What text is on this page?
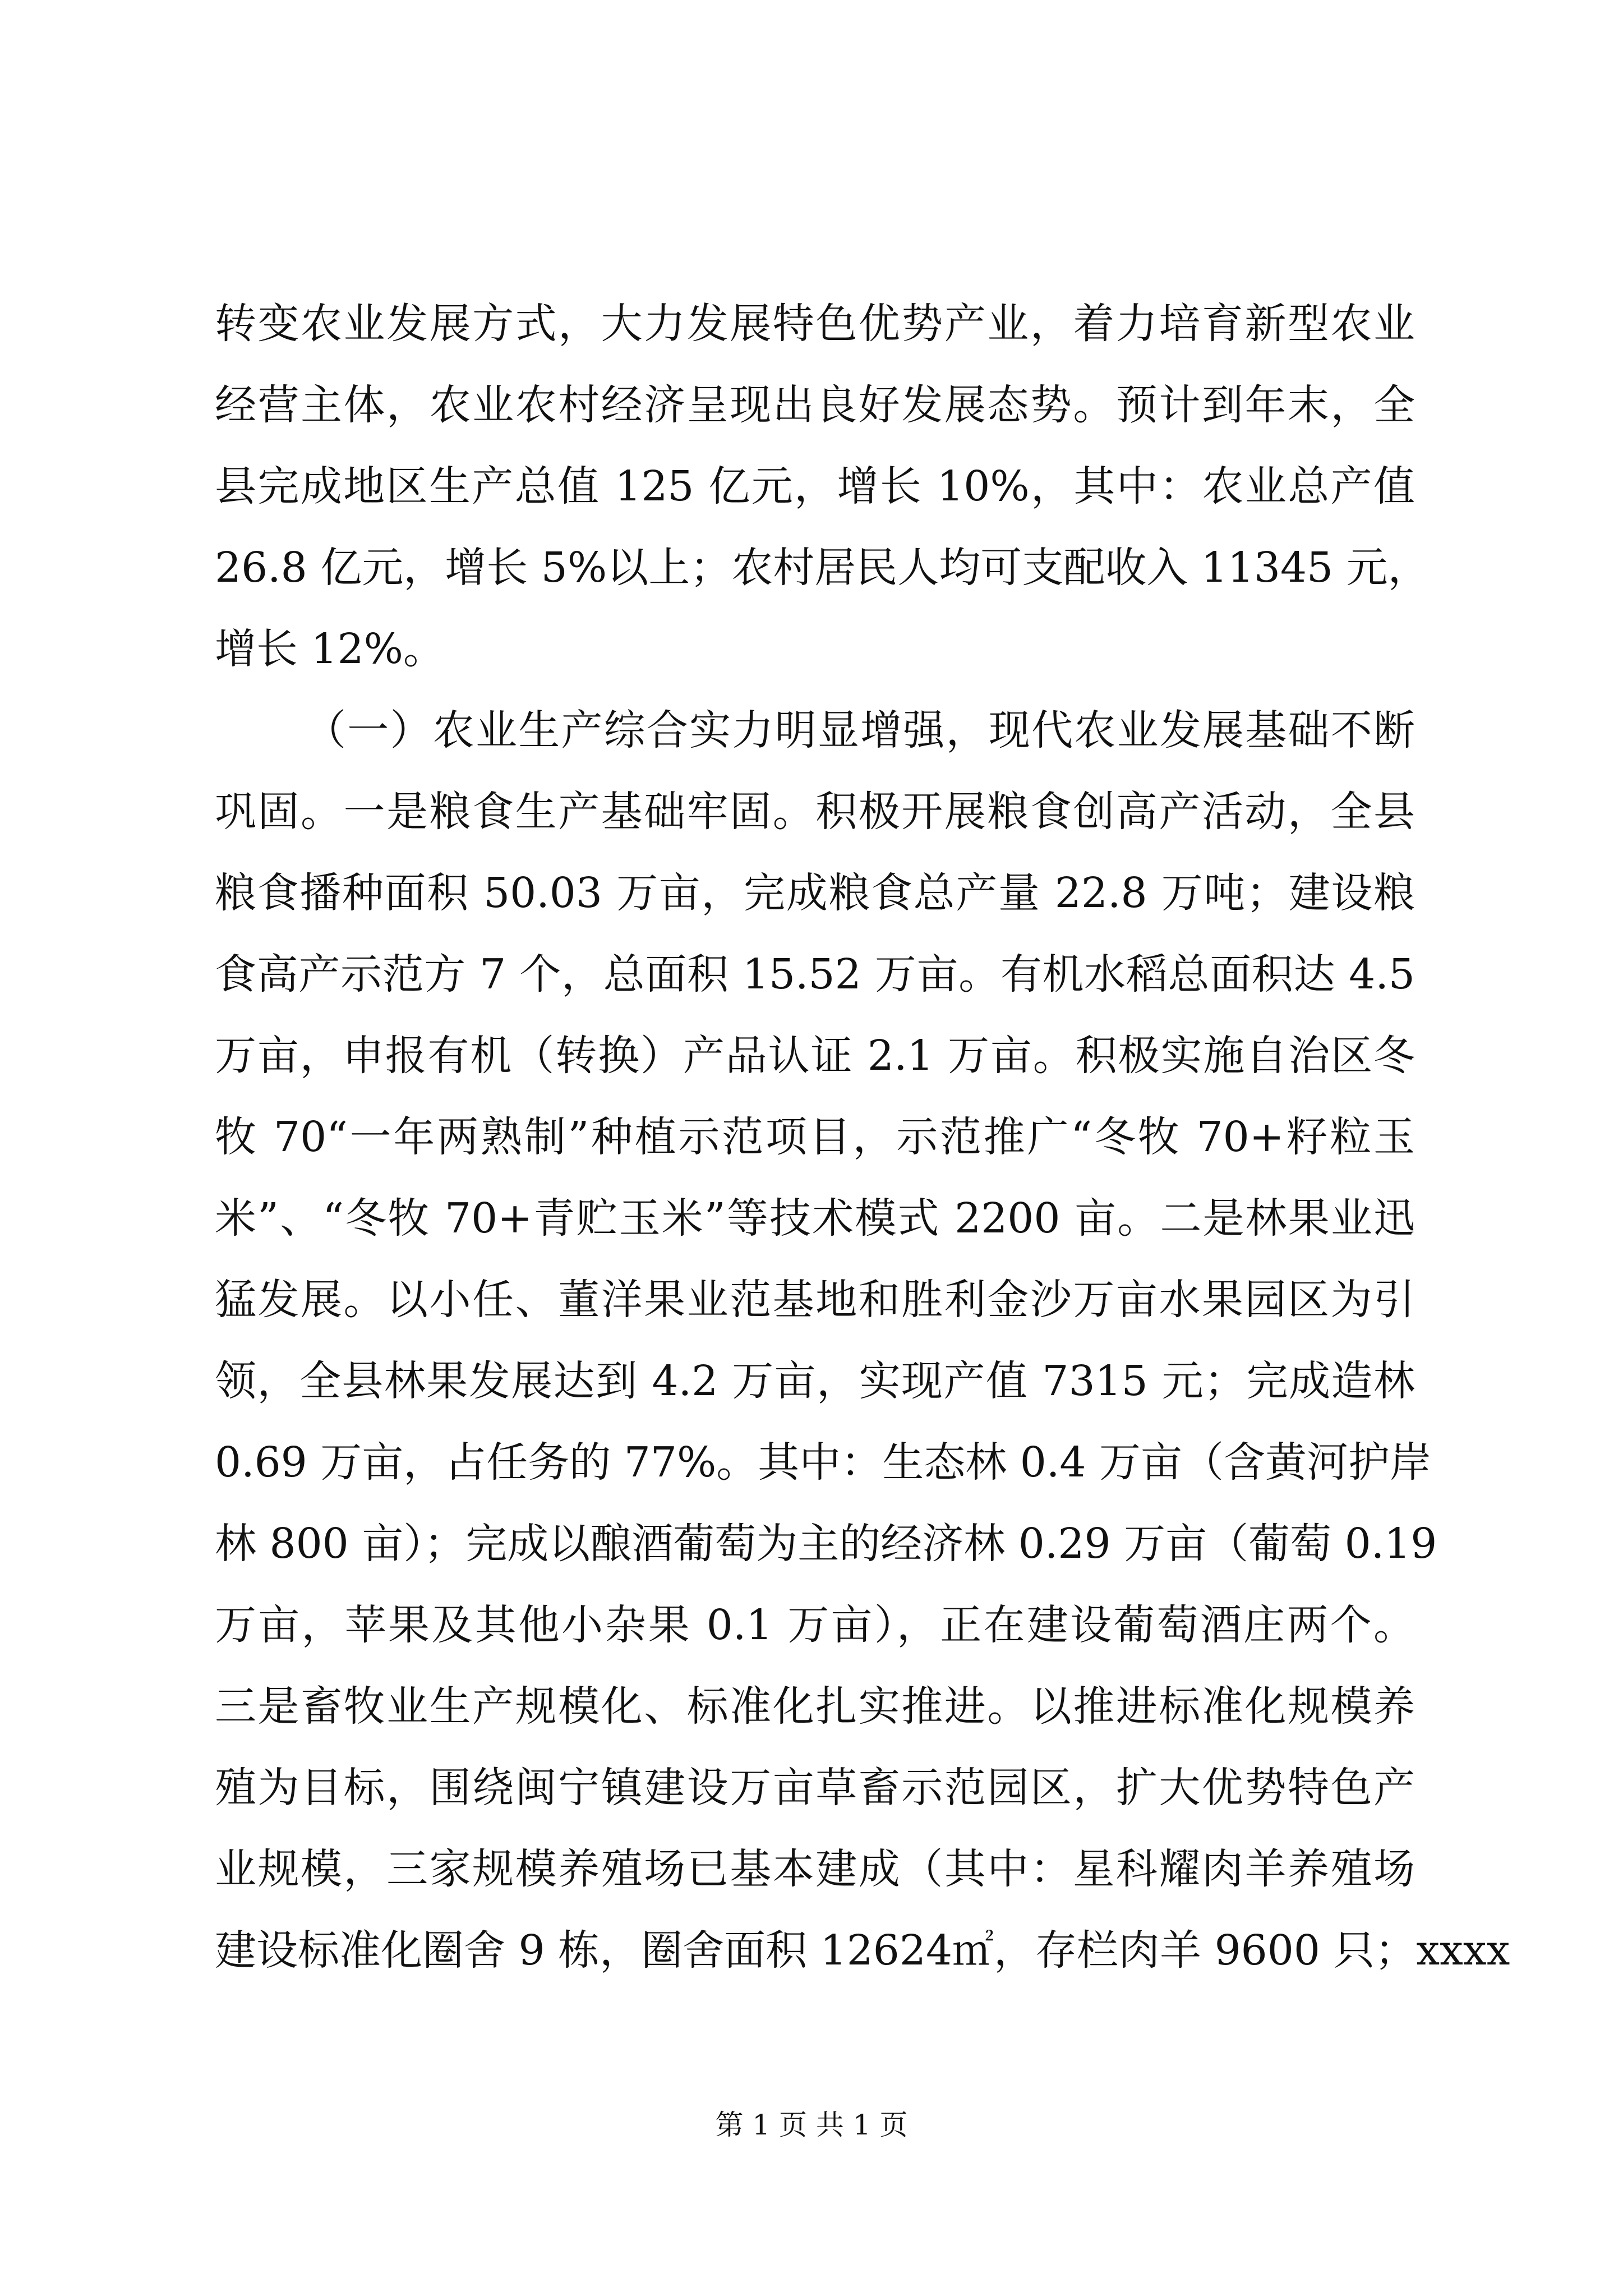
转变农业发展方式，大力发展特色优势产业，着力培育新型农业
经营主体，农业农村经济呈现出良好发展态势。预计到年末，全
县完成地区生产总值 125 亿元，增长 10%，其中：农业总产值
26.8 亿元，增长 5%以上；农村居民人均可支配收入 11345 元，
增长 12%。
（一）农业生产综合实力明显增强，现代农业发展基础不断
巩固。一是粮食生产基础牢固。积极开展粮食创高产活动，全县
粮食播种面积 50.03 万亩，完成粮食总产量 22.8 万吨；建设粮
食高产示范方 7 个，总面积 15.52 万亩。有机水稻总面积达 4.5
万亩，申报有机（转换）产品认证 2.1 万亩。积极实施自治区冬
牧 70“一年两熟制”种植示范项目，示范推广“冬牧 70+籽粒玉
米”、“冬牧 70+青贮玉米”等技术模式 2200 亩。二是林果业迅
猛发展。以小任、董洋果业范基地和胜利金沙万亩水果园区为引
领，全县林果发展达到 4.2 万亩，实现产值 7315 元；完成造林
0.69 万亩，占任务的 77%。其中：生态林 0.4 万亩（含黄河护岸
林 800 亩）；完成以酿酒葡萄为主的经济林 0.29 万亩（葡萄 0.19
万亩，苹果及其他小杂果 0.1 万亩），正在建设葡萄酒庄两个。
三是畜牧业生产规模化、标准化扎实推进。以推进标准化规模养
殖为目标，围绕闽宁镇建设万亩草畜示范园区，扩大优势特色产
业规模，三家规模养殖场已基本建成（其中：星科耀肉羊养殖场
建设标准化圈舍 9 栋，圈舍面积 12624㎡，存栏肉羊 9600 只；xxxx
第 1 页 共 1 页
